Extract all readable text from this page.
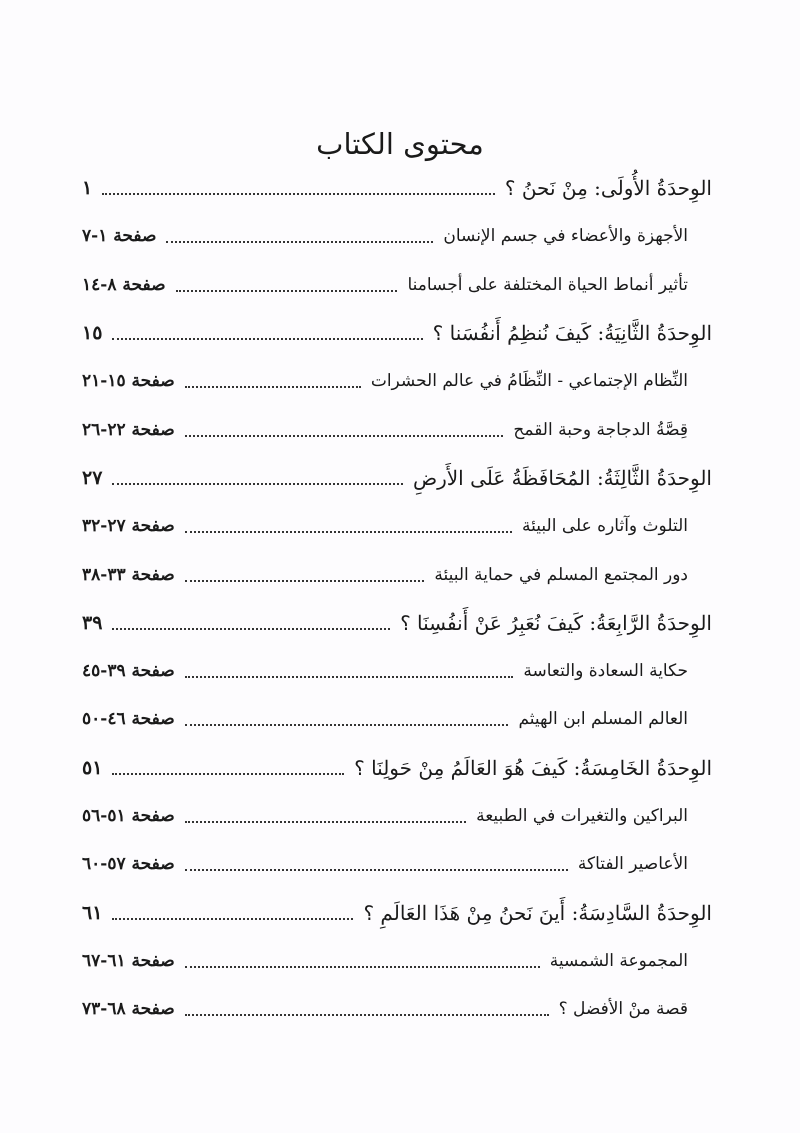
محتوى الكتاب
الوِحدَةُ الأُولَى: مِنْ نَحنُ ؟
١
الأجهزة والأعضاء في جسم الإنسان
صفحة ١-٧
تأثير أنماط الحياة المختلفة على أجسامنا
صفحة ٨-١٤
الوِحدَةُ الثَّانِيَةُ: كَيفَ نُنظِمُ أَنفُسَنا ؟
١٥
النِّظام الإجتماعي - النِّظَامُ في عالم الحشرات
صفحة ١٥-٢١
قِصَّةُ الدجاجة وحبة القمح
صفحة ٢٢-٢٦
الوِحدَةُ الثَّالِثَةُ: المُحَافَظَةُ عَلَى الأَرضِ
٢٧
التلوث وآثاره على البيئة
صفحة ٢٧-٣٢
دور المجتمع المسلم في حماية البيئة
صفحة ٣٣-٣٨
الوِحدَةُ الرَّابِعَةُ: كَيفَ نُعَبِرُ عَنْ أَنفُسِنَا ؟
٣٩
حكاية السعادة والتعاسة
صفحة ٣٩-٤٥
العالم المسلم ابن الهيثم
صفحة ٤٦-٥٠
الوِحدَةُ الخَامِسَةُ: كَيفَ هُوَ العَالَمُ مِنْ حَولِنَا ؟
٥١
البراكين والتغيرات في الطبيعة
صفحة ٥١-٥٦
الأعاصير الفتاكة
صفحة ٥٧-٦٠
الوِحدَةُ السَّادِسَةُ: أَينَ نَحنُ مِنْ هَذَا العَالَمِ ؟
٦١
المجموعة الشمسية
صفحة ٦١-٦٧
قصة منْ الأفضل ؟
صفحة ٦٨-٧٣
